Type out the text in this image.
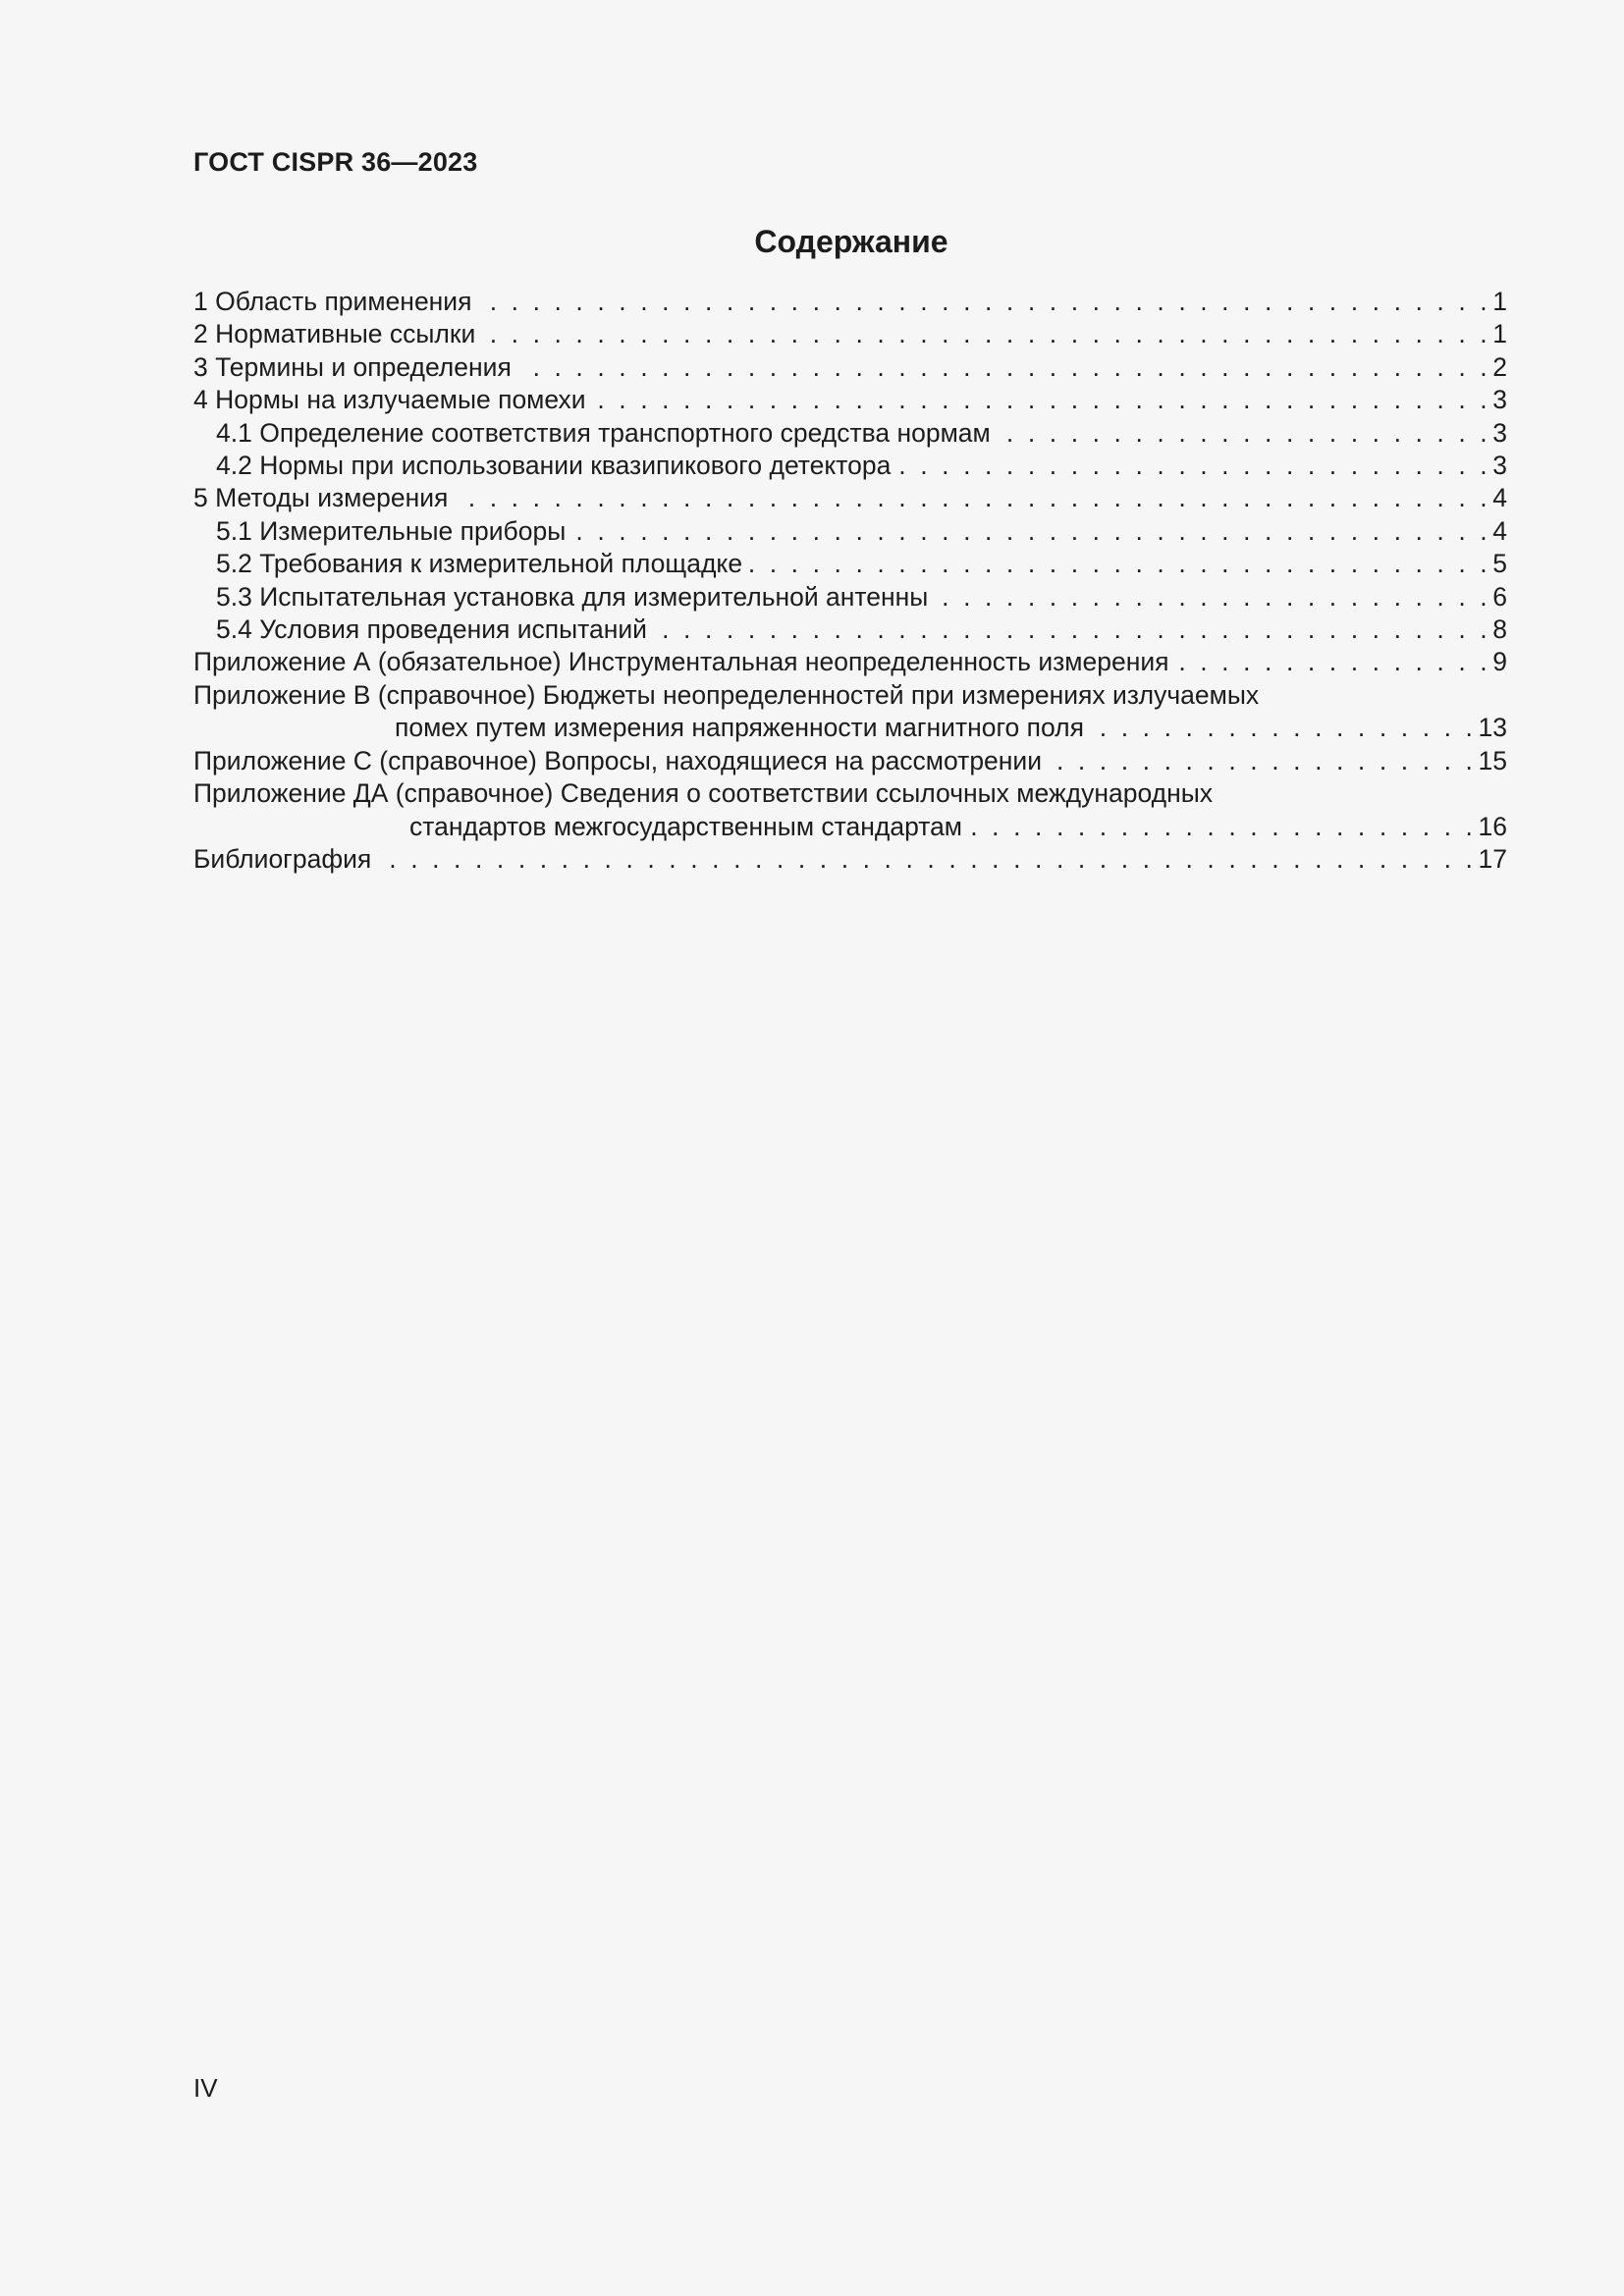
ГОСТ CISPR 36—2023
Содержание
1 Область применения . . .	1
2 Нормативные ссылки . . .	1
3 Термины и определения . . .	2
4 Нормы на излучаемые помехи . . .	3
4.1 Определение соответствия транспортного средства нормам . . .	3
4.2 Нормы при использовании квазипикового детектора . . .	3
5 Методы измерения . . .	4
5.1 Измерительные приборы . . .	4
5.2 Требования к измерительной площадке . . .	5
5.3 Испытательная установка для измерительной антенны . . .	6
5.4 Условия проведения испытаний . . .	8
Приложение А (обязательное) Инструментальная неопределенность измерения . . .	9
Приложение В (справочное) Бюджеты неопределенностей при измерениях излучаемых
помех путем измерения напряженности магнитного поля . . .	13
Приложение С (справочное) Вопросы, находящиеся на рассмотрении . . .	15
Приложение ДА (справочное) Сведения о соответствии ссылочных международных
стандартов межгосударственным стандартам . . .	16
Библиография . . .	17
IV
